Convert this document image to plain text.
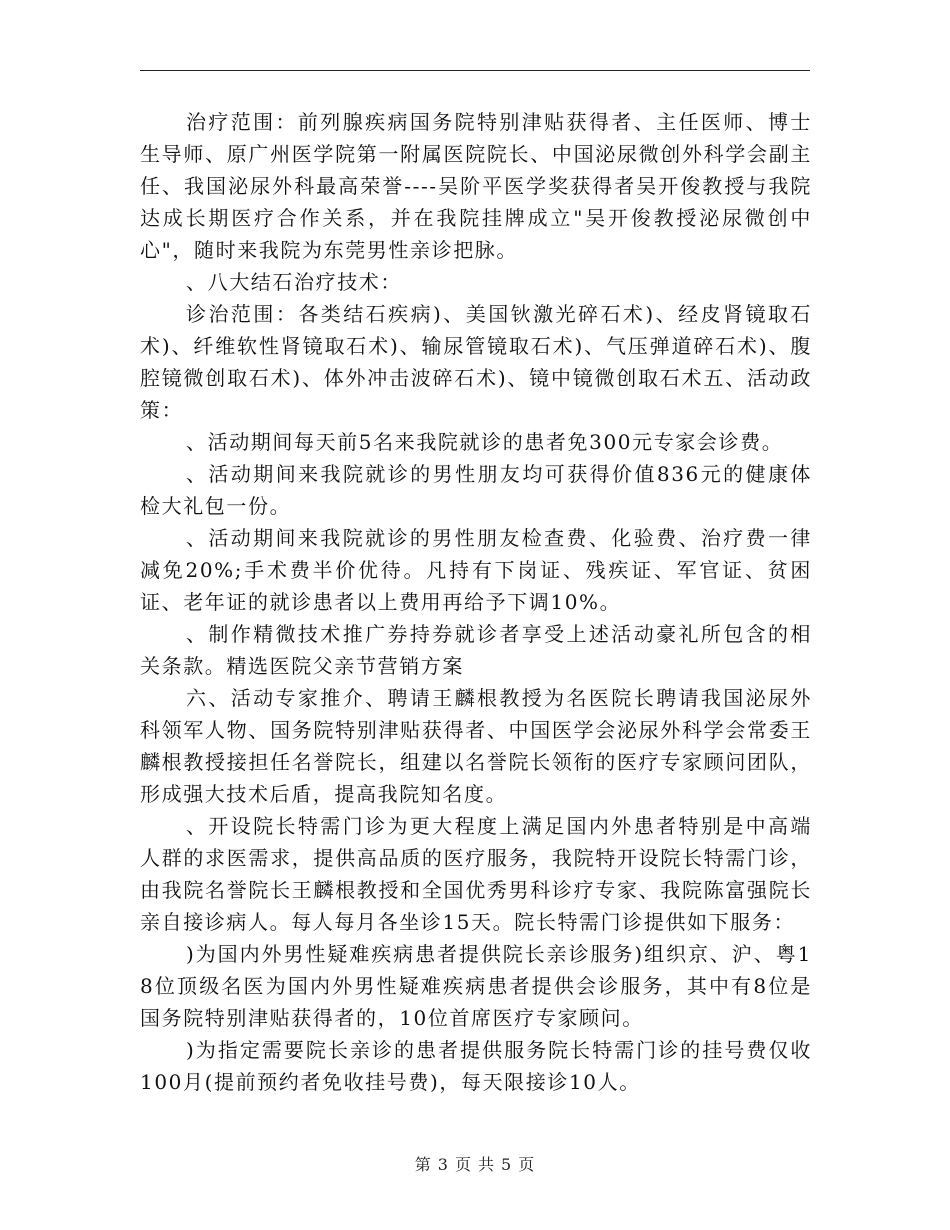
治疗范围：前列腺疾病国务院特别津贴获得者、主任医师、博士生导师、原广州医学院第一附属医院院长、中国泌尿微创外科学会副主任、我国泌尿外科最高荣誉----吴阶平医学奖获得者吴开俊教授与我院达成长期医疗合作关系，并在我院挂牌成立"吴开俊教授泌尿微创中心"，随时来我院为东莞男性亲诊把脉。

、八大结石治疗技术：

诊治范围：各类结石疾病)、美国钬激光碎石术)、经皮肾镜取石术)、纤维软性肾镜取石术)、输尿管镜取石术)、气压弹道碎石术)、腹腔镜微创取石术)、体外冲击波碎石术)、镜中镜微创取石术五、活动政策：

、活动期间每天前5名来我院就诊的患者免300元专家会诊费。

、活动期间来我院就诊的男性朋友均可获得价值836元的健康体检大礼包一份。

、活动期间来我院就诊的男性朋友检查费、化验费、治疗费一律减免20%;手术费半价优待。凡持有下岗证、残疾证、军官证、贫困证、老年证的就诊患者以上费用再给予下调10%。

、制作精微技术推广券持券就诊者享受上述活动豪礼所包含的相关条款。精选医院父亲节营销方案

六、活动专家推介、聘请王麟根教授为名医院长聘请我国泌尿外科领军人物、国务院特别津贴获得者、中国医学会泌尿外科学会常委王麟根教授接担任名誉院长，组建以名誉院长领衔的医疗专家顾问团队，形成强大技术后盾，提高我院知名度。

、开设院长特需门诊为更大程度上满足国内外患者特别是中高端人群的求医需求，提供高品质的医疗服务，我院特开设院长特需门诊，由我院名誉院长王麟根教授和全国优秀男科诊疗专家、我院陈富强院长亲自接诊病人。每人每月各坐诊15天。院长特需门诊提供如下服务：

)为国内外男性疑难疾病患者提供院长亲诊服务)组织京、沪、粤18位顶级名医为国内外男性疑难疾病患者提供会诊服务，其中有8位是国务院特别津贴获得者的，10位首席医疗专家顾问。

)为指定需要院长亲诊的患者提供服务院长特需门诊的挂号费仅收100月(提前预约者免收挂号费)，每天限接诊10人。

第 3 页 共 5 页
